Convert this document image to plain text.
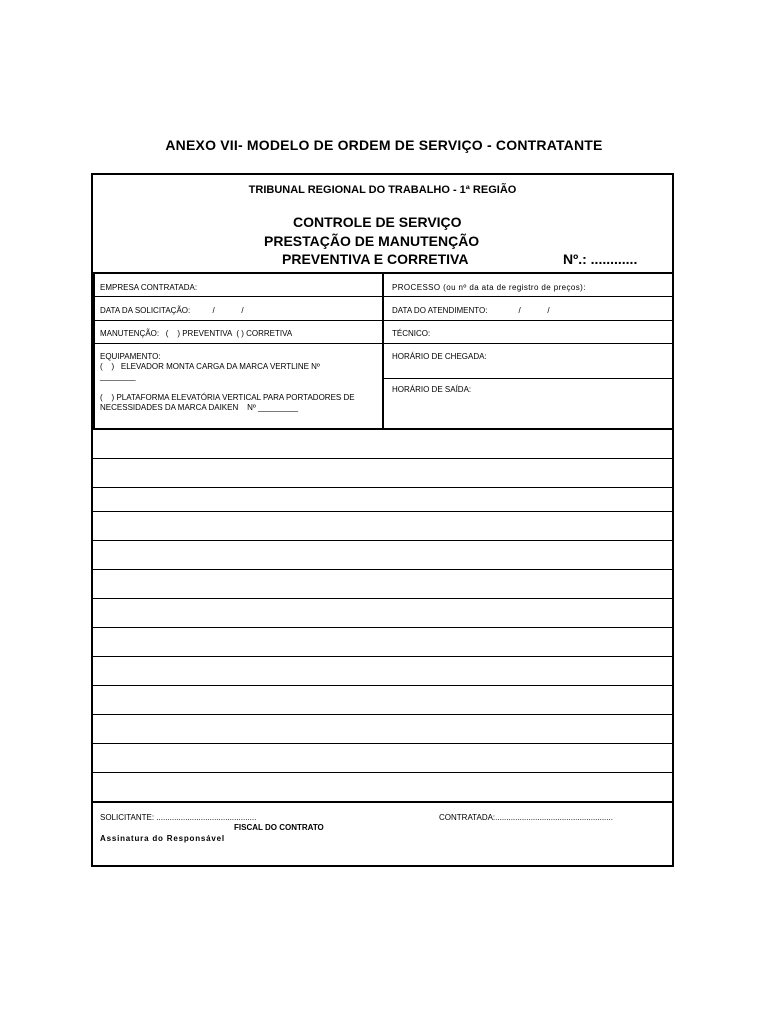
ANEXO VII- MODELO DE ORDEM DE SERVIÇO - CONTRATANTE
TRIBUNAL REGIONAL DO TRABALHO - 1ª REGIÃO
CONTROLE DE SERVIÇO
PRESTAÇÃO DE MANUTENÇÃO
PREVENTIVA E CORRETIVA	Nº.: ............
EMPRESA CONTRATADA:	PROCESSO (ou nº da ata de registro de preços):
DATA DA SOLICITAÇÃO:          /            /	DATA DO ATENDIMENTO:              /            /
MANUTENÇÃO:   (    ) PREVENTIVA  ( ) CORRETIVA	TÉCNICO:
EQUIPAMENTO:
(    )   ELEVADOR MONTA CARGA DA MARCA VERTLINE Nº
________
(    ) PLATAFORMA ELEVATÓRIA VERTICAL PARA PORTADORES DE NECESSIDADES DA MARCA DAIKEN    Nº _________
HORÁRIO DE CHEGADA:
HORÁRIO DE SAÍDA:
SOLICITANTE: .............................................	CONTRATADA:.....................................................
FISCAL DO CONTRATO
Assinatura do Responsável
